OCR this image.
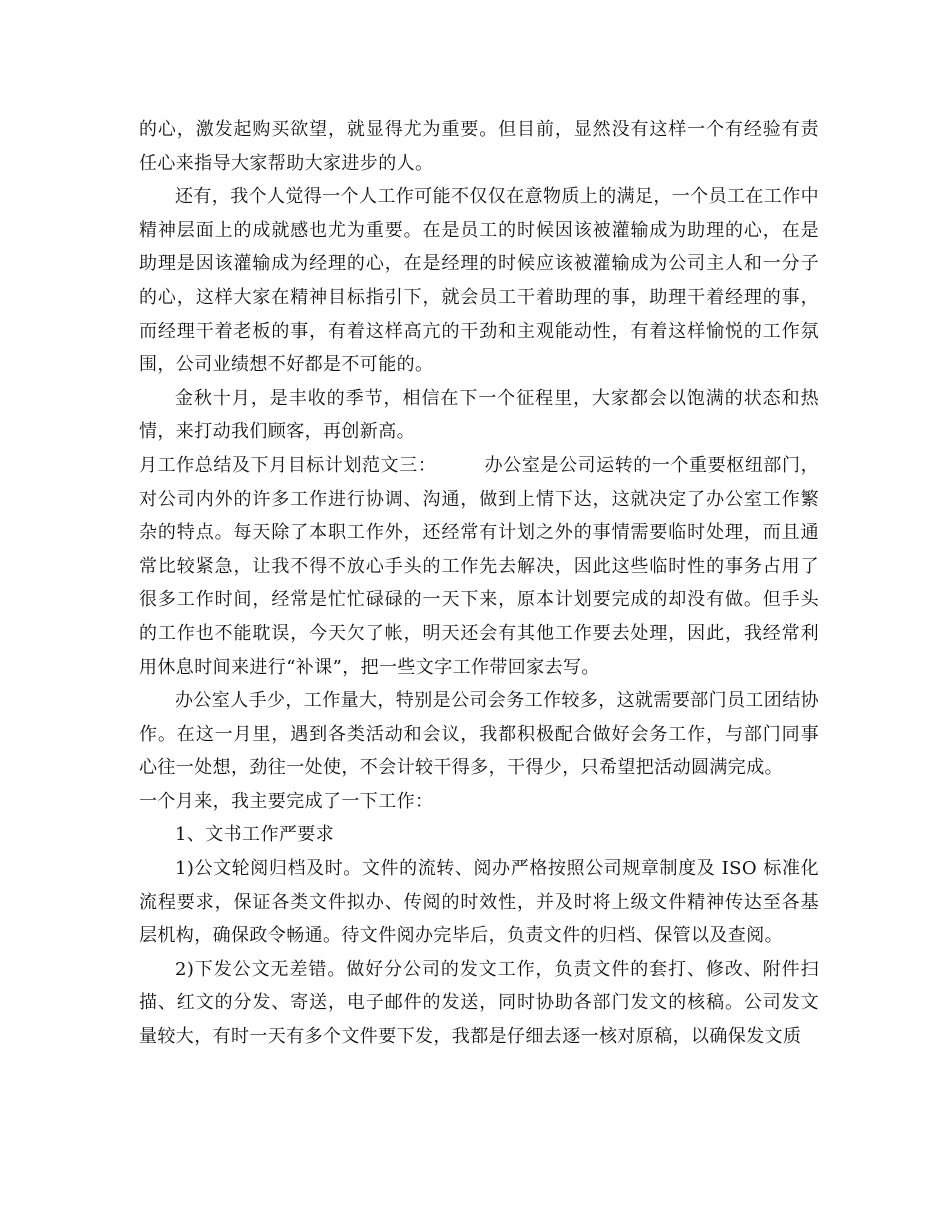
的心，激发起购买欲望，就显得尤为重要。但目前，显然没有这样一个有经验有责任心来指导大家帮助大家进步的人。

还有，我个人觉得一个人工作可能不仅仅在意物质上的满足，一个员工在工作中精神层面上的成就感也尤为重要。在是员工的时候因该被灌输成为助理的心，在是助理是因该灌输成为经理的心，在是经理的时候应该被灌输成为公司主人和一分子的心，这样大家在精神目标指引下，就会员工干着助理的事，助理干着经理的事，而经理干着老板的事，有着这样高亢的干劲和主观能动性，有着这样愉悦的工作氛围，公司业绩想不好都是不可能的。

金秋十月，是丰收的季节，相信在下一个征程里，大家都会以饱满的状态和热情，来打动我们顾客，再创新高。

月工作总结及下月目标计划范文三：	办公室是公司运转的一个重要枢纽部门，对公司内外的许多工作进行协调、沟通，做到上情下达，这就决定了办公室工作繁杂的特点。每天除了本职工作外，还经常有计划之外的事情需要临时处理，而且通常比较紧急，让我不得不放心手头的工作先去解决，因此这些临时性的事务占用了很多工作时间，经常是忙忙碌碌的一天下来，原本计划要完成的却没有做。但手头的工作也不能耽误，今天欠了帐，明天还会有其他工作要去处理，因此，我经常利用休息时间来进行“补课”，把一些文字工作带回家去写。

办公室人手少，工作量大，特别是公司会务工作较多，这就需要部门员工团结协作。在这一月里，遇到各类活动和会议，我都积极配合做好会务工作，与部门同事心往一处想，劲往一处使，不会计较干得多，干得少，只希望把活动圆满完成。

一个月来，我主要完成了一下工作：

1、文书工作严要求

1)公文轮阅归档及时。文件的流转、阅办严格按照公司规章制度及 ISO 标准化流程要求，保证各类文件拟办、传阅的时效性，并及时将上级文件精神传达至各基层机构，确保政令畅通。待文件阅办完毕后，负责文件的归档、保管以及查阅。

2)下发公文无差错。做好分公司的发文工作，负责文件的套打、修改、附件扫描、红文的分发、寄送，电子邮件的发送，同时协助各部门发文的核稿。公司发文量较大，有时一天有多个文件要下发，我都是仔细去逐一核对原稿，以确保发文质
